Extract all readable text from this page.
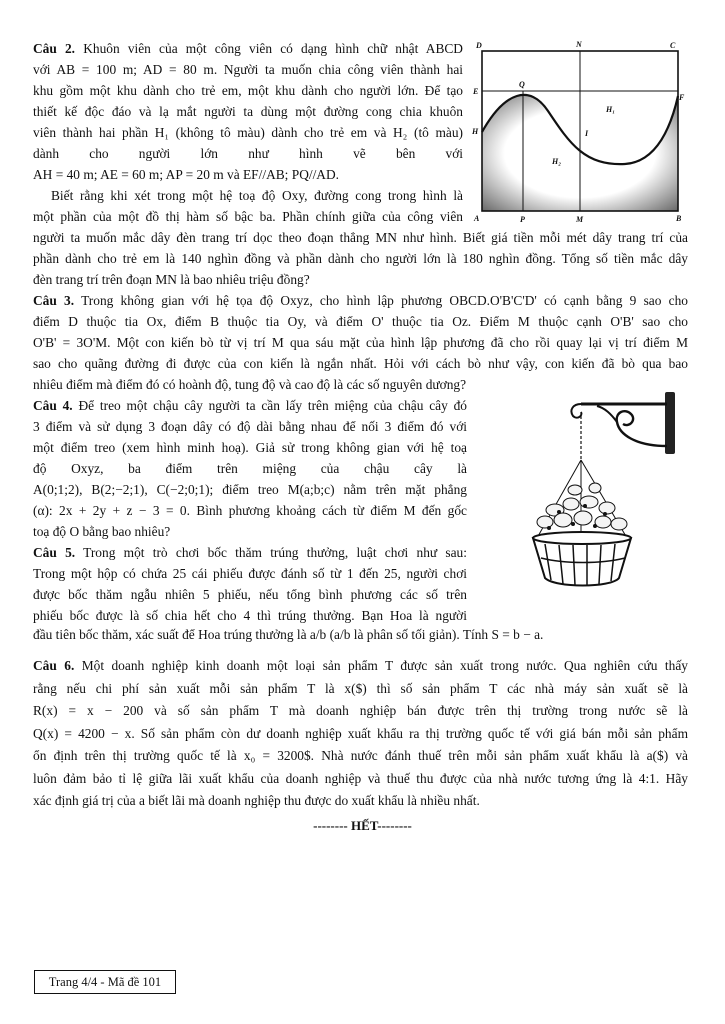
Câu 2. Khuôn viên của một công viên có dạng hình chữ nhật ABCD
với AB = 100 m; AD = 80 m. Người ta muốn chia công viên thành hai
khu gồm một khu dành cho trẻ em, một khu dành cho người lớn. Để tạo
thiết kế độc đáo và lạ mắt người ta dùng một đường cong chia khuôn
viên thành hai phần H₁ (không tô màu) dành cho trẻ em và H₂ (tô màu)
dành cho người lớn như hình vẽ bên với
AH = 40 m; AE = 60 m; AP = 20 m và EF//AB; PQ//AD.
Biết rằng khi xét trong một hệ toạ độ Oxy, đường cong trong hình là
một phần của một đồ thị hàm số bậc ba. Phần chính giữa của công viên
người ta muốn mắc dây đèn trang trí dọc theo đoạn thẳng MN như hình. Biết giá tiền mỗi mét dây trang trí của
phần dành cho trẻ em là 140 nghìn đồng và phần dành cho người lớn là 180 nghìn đồng. Tổng số tiền mắc dây
đèn trang trí trên đoạn MN là bao nhiêu triệu đồng?
D	N	C
E
Q
F
H
H₁
I
H₂
A	P	M	B
Câu 3. Trong không gian với hệ tọa độ Oxyz, cho hình lập phương OBCD.O'B'C'D' có cạnh bằng 9 sao cho
điểm D thuộc tia Ox, điểm B thuộc tia Oy, và điểm O' thuộc tia Oz. Điểm M thuộc cạnh O'B' sao cho
O'B' = 3O'M. Một con kiến bò từ vị trí M qua sáu mặt của hình lập phương đã cho rồi quay lại vị trí điểm M
sao cho quãng đường đi được của con kiến là ngắn nhất. Hỏi với cách bò như vậy, con kiến đã bò qua bao
nhiêu điểm mà điểm đó có hoành độ, tung độ và cao độ là các số nguyên dương?
Câu 4. Để treo một chậu cây người ta cần lấy trên miệng của chậu cây đó
3 điểm và sử dụng 3 đoạn dây có độ dài bằng nhau để nối 3 điểm đó với
một điểm treo (xem hình minh hoạ). Giả sử trong không gian với hệ toạ
độ Oxyz, ba điểm trên miệng của chậu cây là
A(0;1;2), B(2;−2;1), C(−2;0;1); điểm treo M(a;b;c) nằm trên mặt phẳng
(α): 2x + 2y + z − 3 = 0. Bình phương khoảng cách từ điểm M đến gốc
toạ độ O bằng bao nhiêu?
Câu 5. Trong một trò chơi bốc thăm trúng thưởng, luật chơi như sau:
Trong một hộp có chứa 25 cái phiếu được đánh số từ 1 đến 25, người chơi
được bốc thăm ngẫu nhiên 5 phiếu, nếu tổng bình phương các số trên
phiếu bốc được là số chia hết cho 4 thì trúng thưởng. Bạn Hoa là người
đầu tiên bốc thăm, xác suất để Hoa trúng thưởng là a/b (a/b là phân số tối giản). Tính S = b − a.
Câu 6. Một doanh nghiệp kinh doanh một loại sản phẩm T được sản xuất trong nước. Qua nghiên cứu thấy
rằng nếu chi phí sản xuất mỗi sản phẩm T là x($) thì số sản phẩm T các nhà máy sản xuất sẽ là
R(x) = x − 200 và số sản phẩm T mà doanh nghiệp bán được trên thị trường trong nước sẽ là
Q(x) = 4200 − x. Số sản phẩm còn dư doanh nghiệp xuất khẩu ra thị trường quốc tế với giá bán mỗi sản phẩm
ổn định trên thị trường quốc tế là x₀ = 3200$. Nhà nước đánh thuế trên mỗi sản phẩm xuất khẩu là a($) và
luôn đảm bảo tỉ lệ giữa lãi xuất khẩu của doanh nghiệp và thuế thu được của nhà nước tương ứng là 4:1. Hãy
xác định giá trị của a biết lãi mà doanh nghiệp thu được do xuất khẩu là nhiều nhất.
-------- HẾT--------
Trang 4/4 - Mã đề 101
